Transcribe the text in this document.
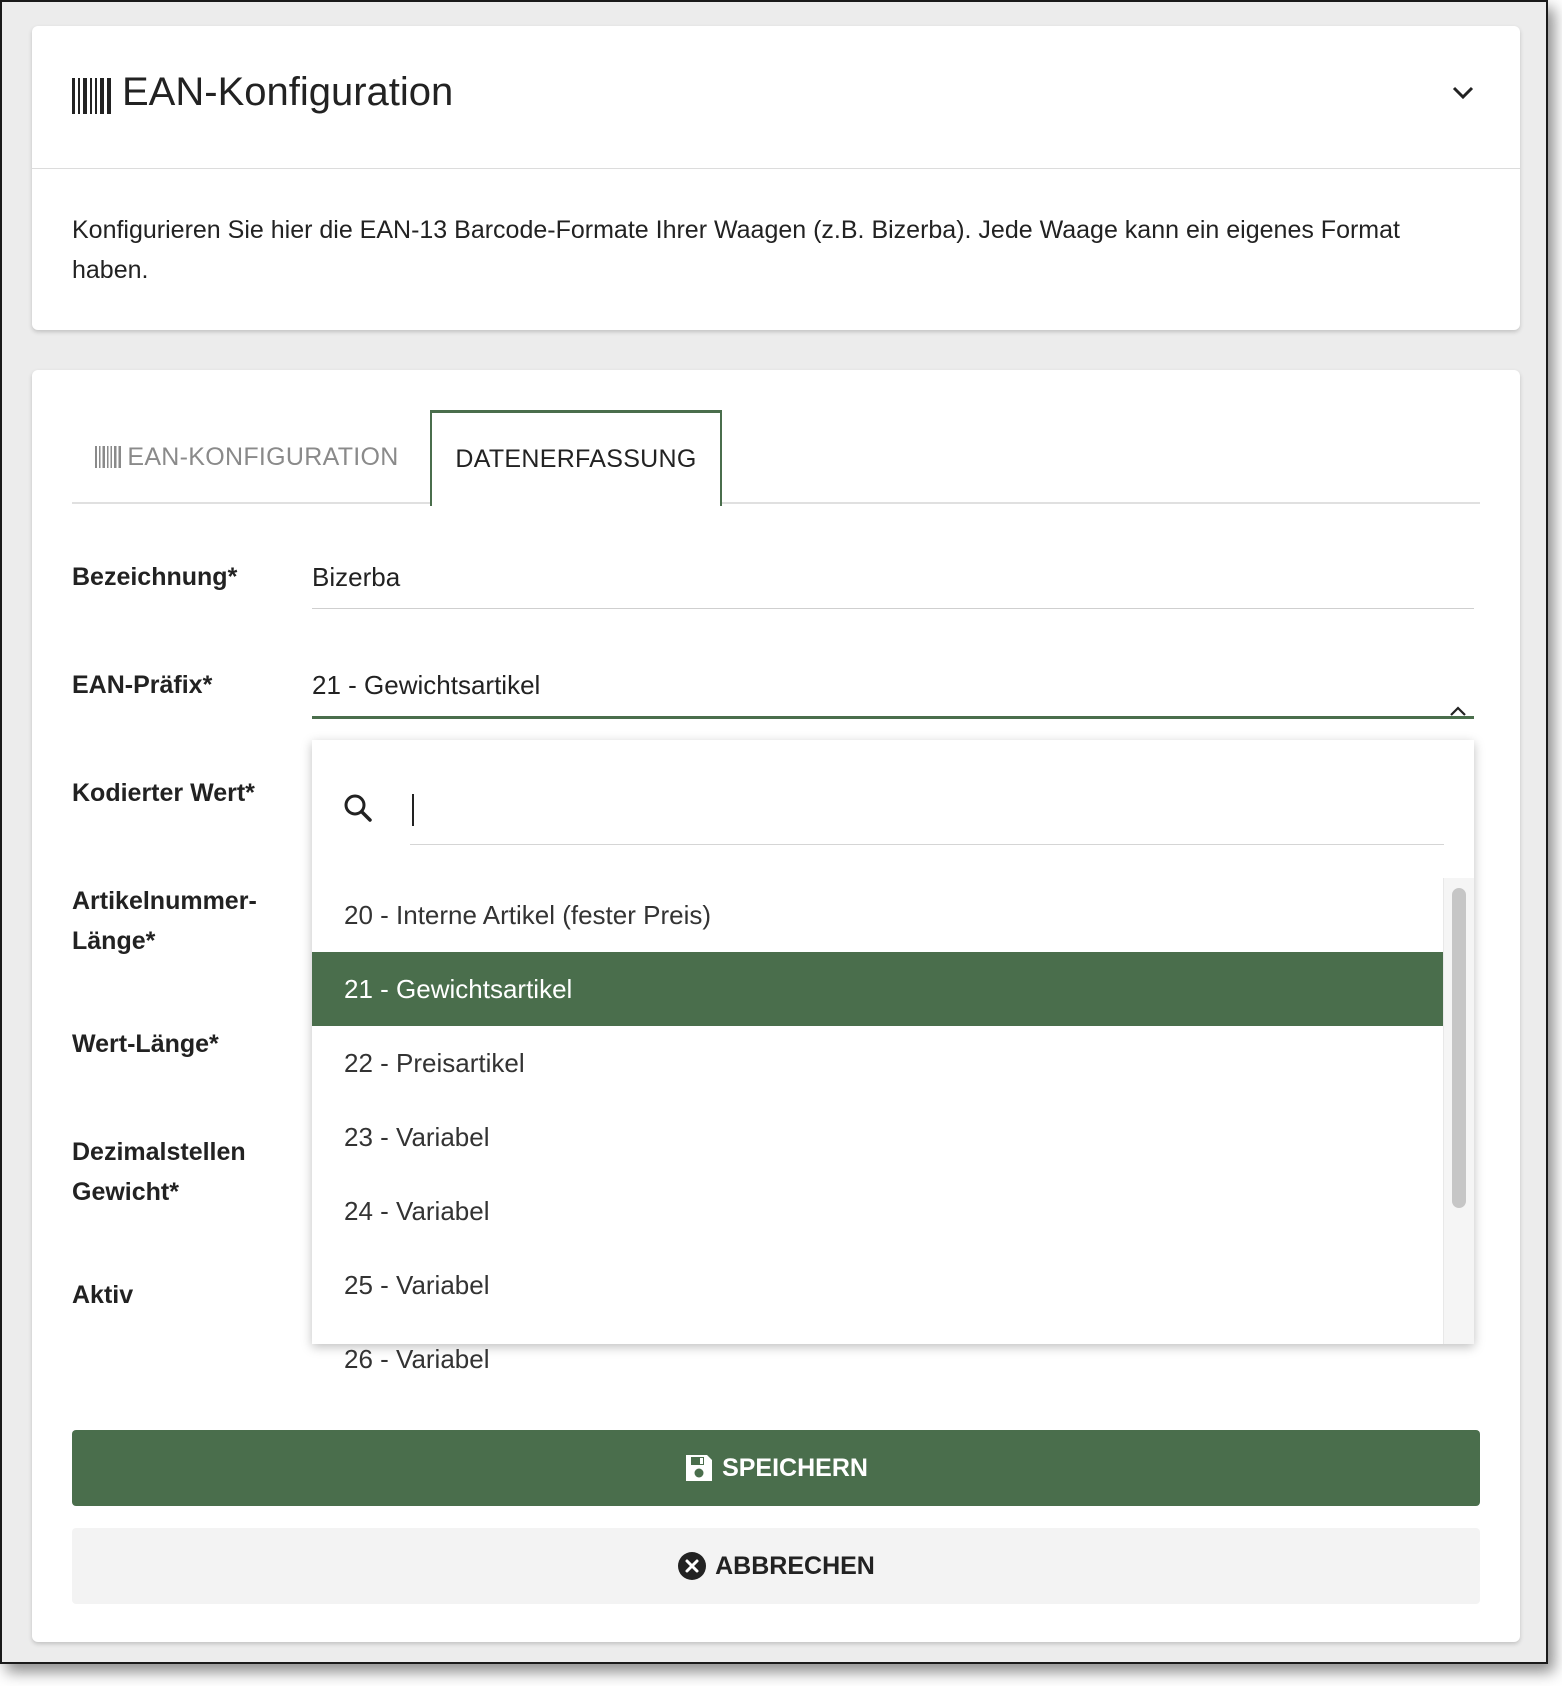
EAN-Konfiguration
Konfigurieren Sie hier die EAN-13 Barcode-Formate Ihrer Waagen (z.B. Bizerba). Jede Waage kann ein eigenes Format haben.
EAN-KONFIGURATION DATENERFASSUNG
Bezeichnung*
EAN-Präfix*
Kodierter Wert*
Artikelnummer-
Länge*
Wert-Länge*
Dezimalstellen
Gewicht*
Aktiv
Bizerba
21 - Gewichtsartikel
20 - Interne Artikel (fester Preis)
21 - Gewichtsartikel
22 - Preisartikel
23 - Variabel
24 - Variabel
25 - Variabel
26 - Variabel
SPEICHERN
ABBRECHEN
